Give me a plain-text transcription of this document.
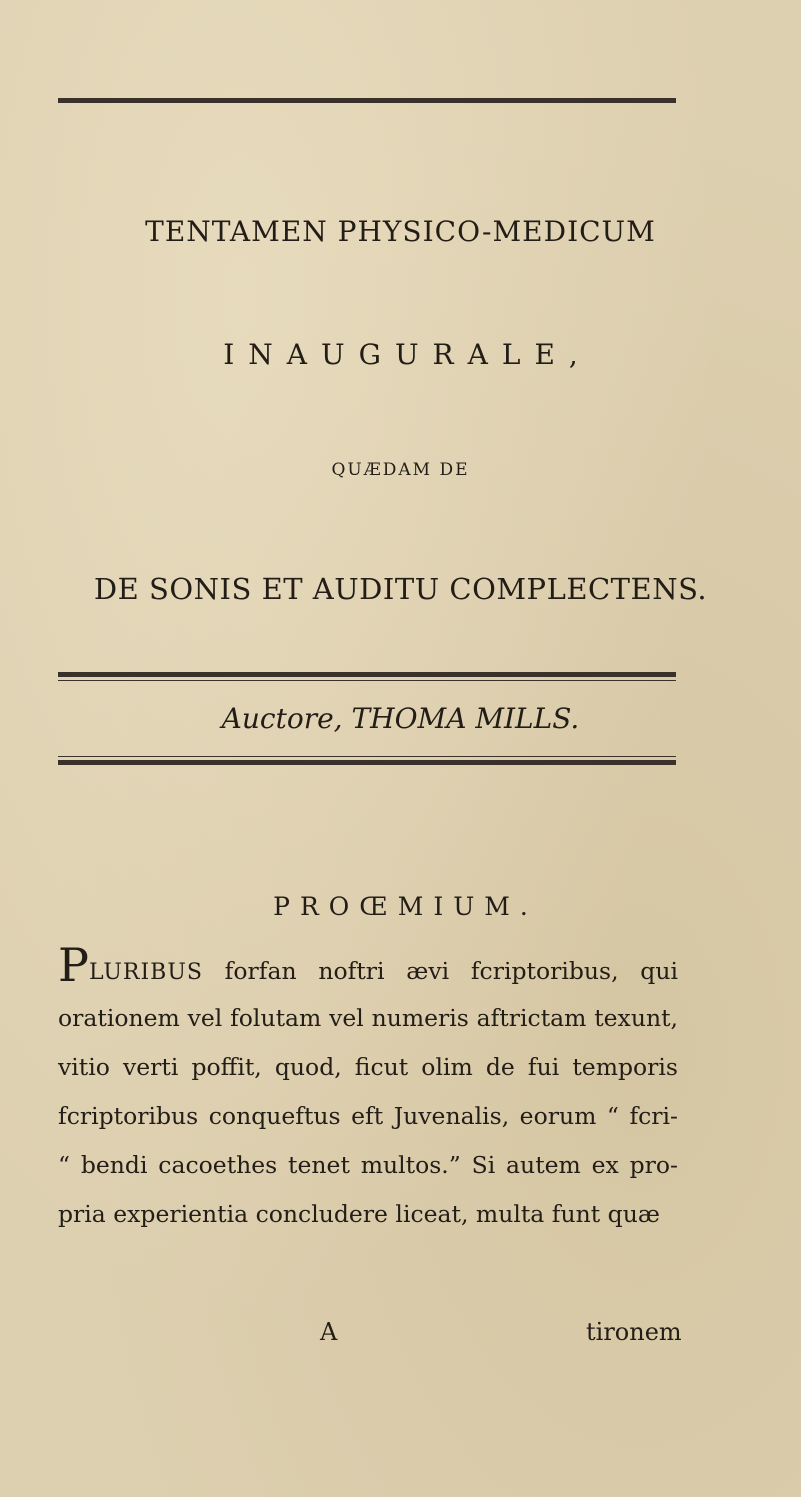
TENTAMEN PHYSICO-MEDICUM
INAUGURALE,
QUÆDAM DE
DE SONIS ET AUDITU COMPLECTENS.
Auctore, THOMA MILLS.
PROŒMIUM.
PLURIBUS forfan noftri ævi fcriptoribus, qui
orationem vel folutam vel numeris aftrictam texunt,
vitio verti poffit, quod, ficut olim de fui temporis
fcriptoribus conqueftus eft Juvenalis, eorum “ fcri-
“ bendi cacoethes tenet multos.” Si autem ex pro-
pria experientia concludere liceat, multa funt quæ
A	tironem
